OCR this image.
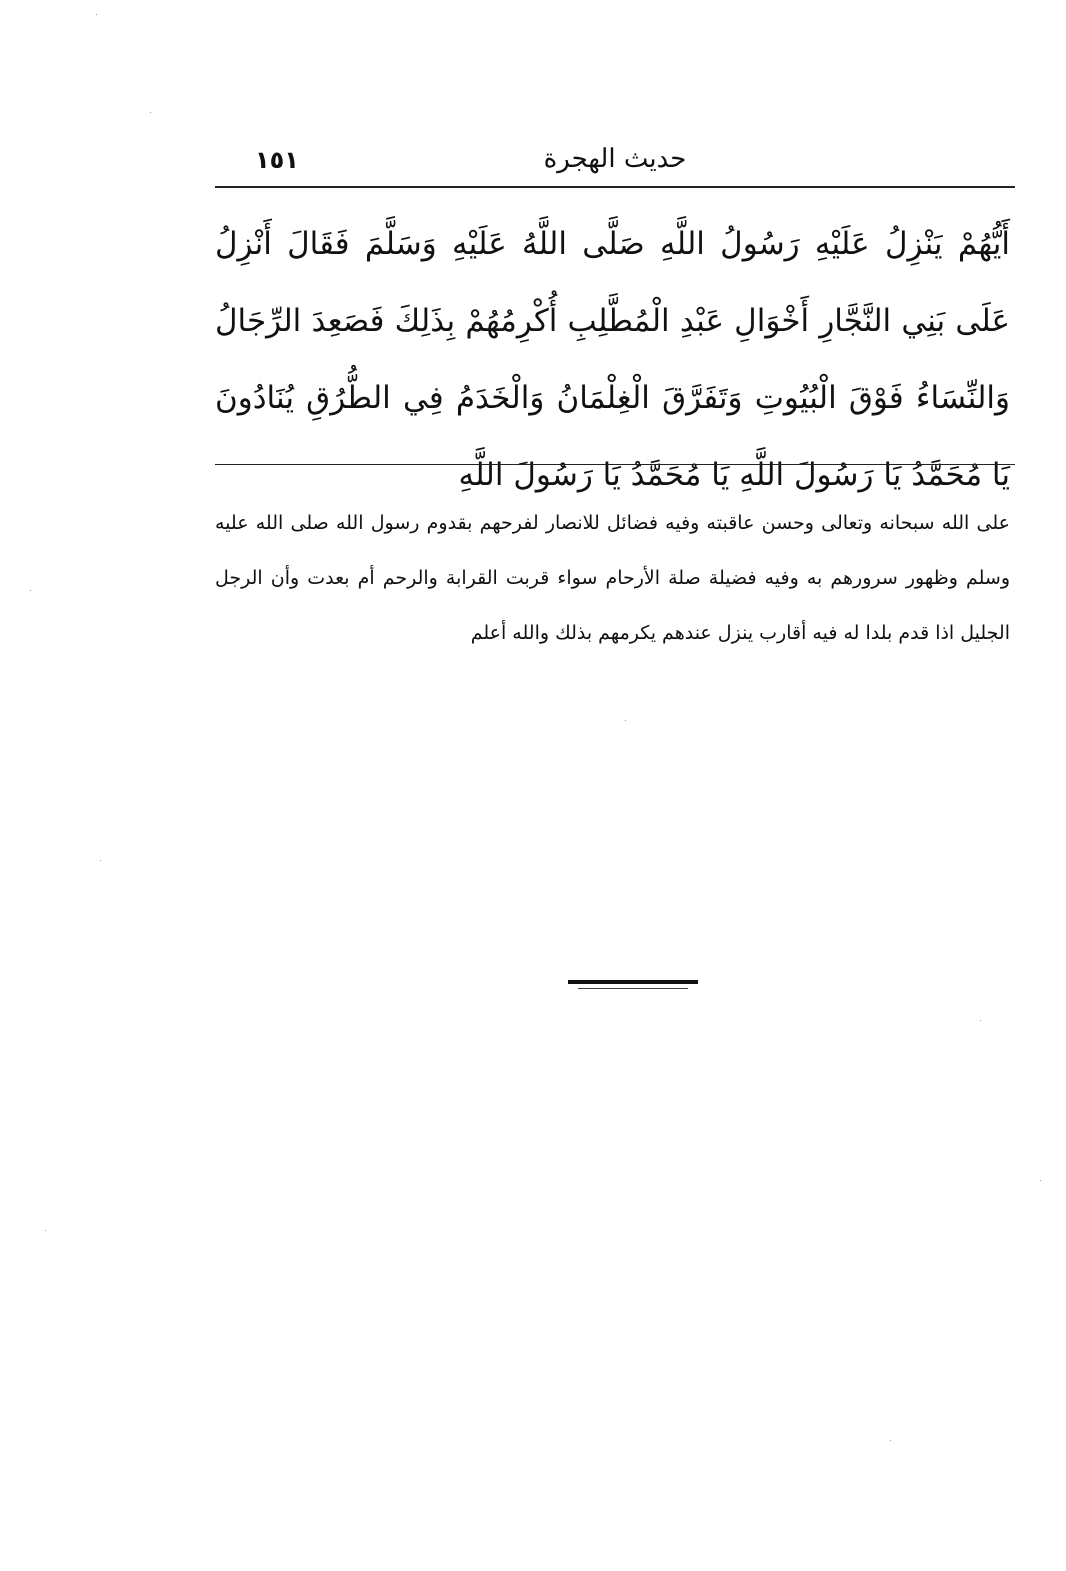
١٥١	حديث الهجرة
أَيُّهُمْ يَنْزِلُ عَلَيْهِ رَسُولُ اللَّهِ صَلَّى اللَّهُ عَلَيْهِ وَسَلَّمَ فَقَالَ أَنْزِلُ عَلَى بَنِي النَّجَّارِ أَخْوَالِ عَبْدِ الْمُطَّلِبِ أُكْرِمُهُمْ بِذَلِكَ فَصَعِدَ الرِّجَالُ وَالنِّسَاءُ فَوْقَ الْبُيُوتِ وَتَفَرَّقَ الْغِلْمَانُ وَالْخَدَمُ فِي الطُّرُقِ يُنَادُونَ يَا مُحَمَّدُ يَا رَسُولَ اللَّهِ يَا مُحَمَّدُ يَا رَسُولَ اللَّهِ
على الله سبحانه وتعالى وحسن عاقبته وفيه فضائل للانصار لفرحهم بقدوم رسول الله صلى الله عليه وسلم وظهور سرورهم به وفيه فضيلة صلة الأرحام سواء قربت القرابة والرحم أم بعدت وأن الرجل الجليل اذا قدم بلدا له فيه أقارب ينزل عندهم يكرمهم بذلك والله أعلم
